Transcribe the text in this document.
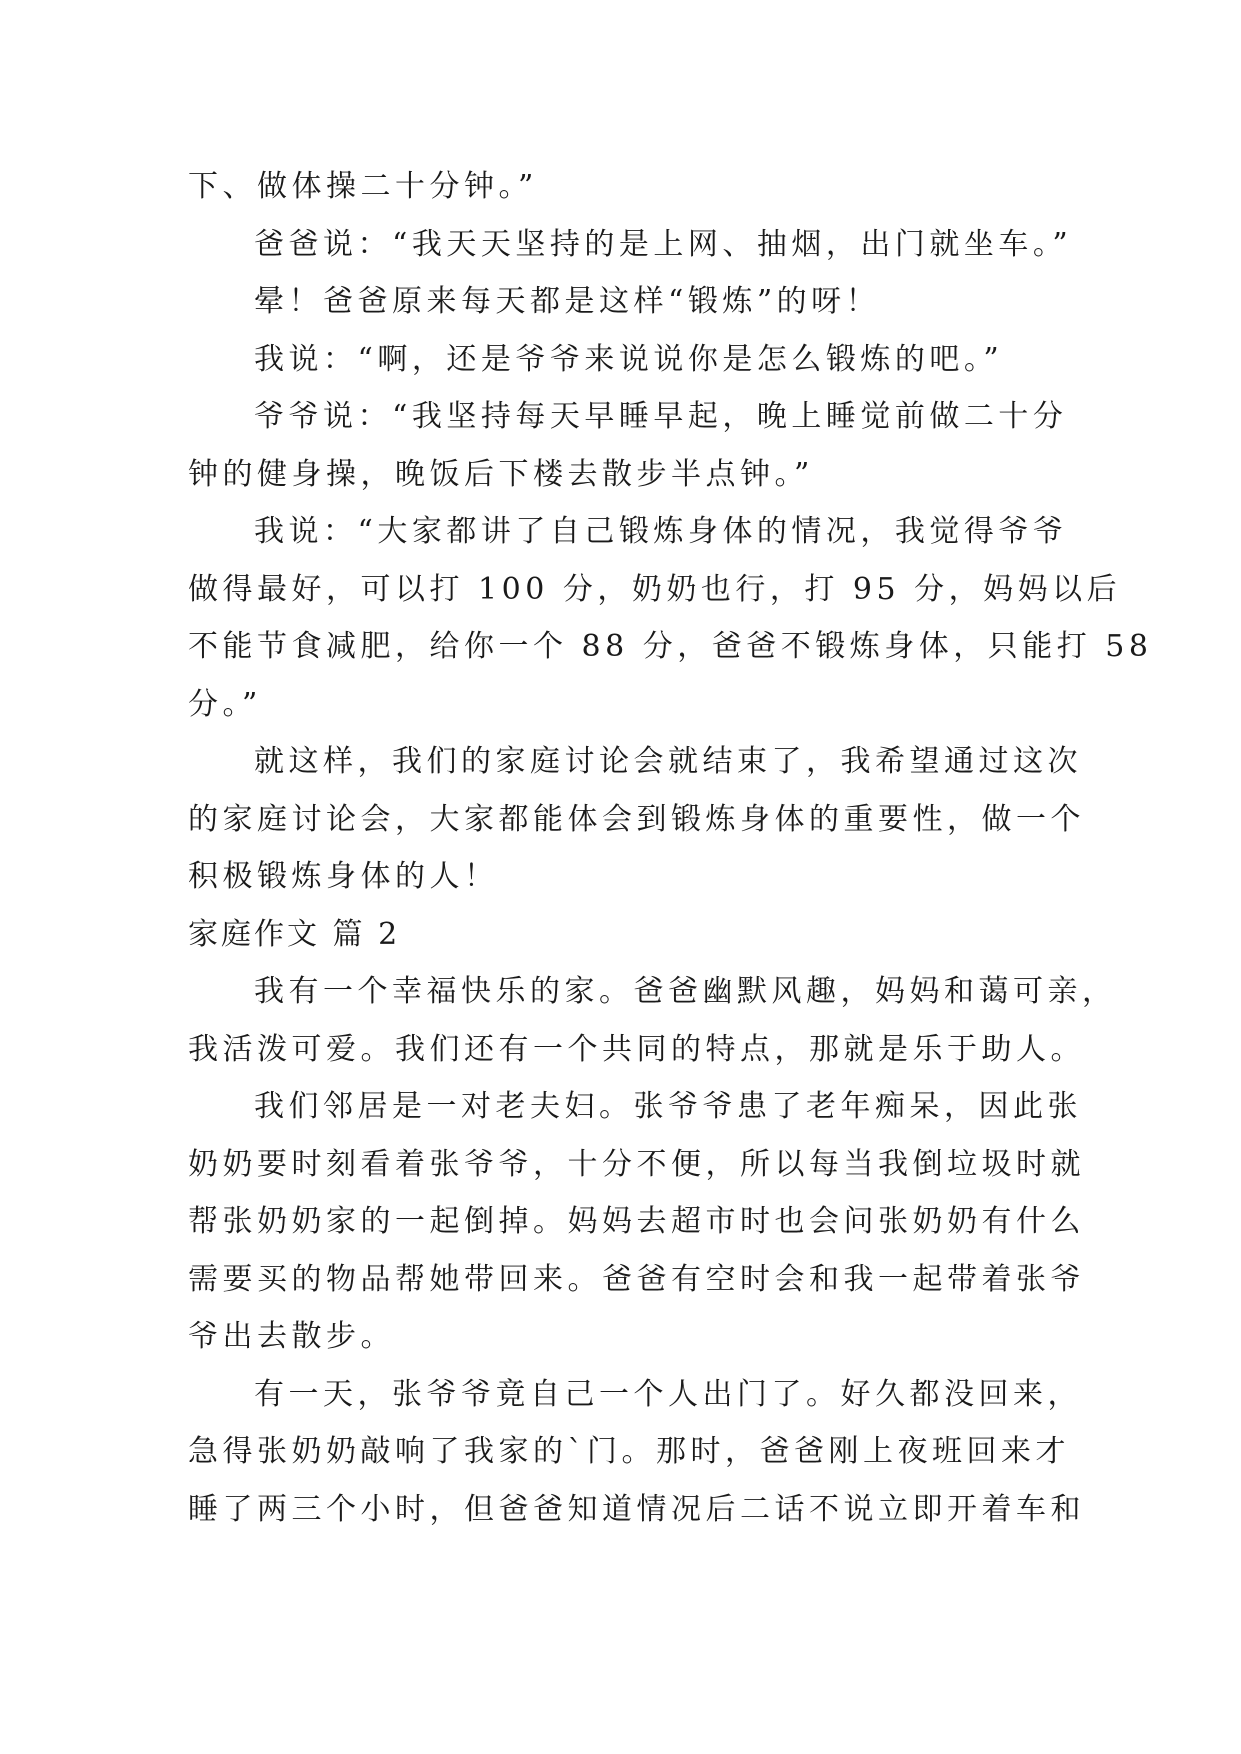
下、做体操二十分钟。”
爸爸说：“我天天坚持的是上网、抽烟，出门就坐车。”
晕！爸爸原来每天都是这样“锻炼”的呀！
我说：“啊，还是爷爷来说说你是怎么锻炼的吧。”
爷爷说：“我坚持每天早睡早起，晚上睡觉前做二十分
钟的健身操，晚饭后下楼去散步半点钟。”
我说：“大家都讲了自己锻炼身体的情况，我觉得爷爷
做得最好，可以打 100 分，奶奶也行，打 95 分，妈妈以后
不能节食减肥，给你一个 88 分，爸爸不锻炼身体，只能打 58
分。”
就这样，我们的家庭讨论会就结束了，我希望通过这次
的家庭讨论会，大家都能体会到锻炼身体的重要性，做一个
积极锻炼身体的人！
家庭作文 篇 2
我有一个幸福快乐的家。爸爸幽默风趣，妈妈和蔼可亲，
我活泼可爱。我们还有一个共同的特点，那就是乐于助人。
我们邻居是一对老夫妇。张爷爷患了老年痴呆，因此张
奶奶要时刻看着张爷爷，十分不便，所以每当我倒垃圾时就
帮张奶奶家的一起倒掉。妈妈去超市时也会问张奶奶有什么
需要买的物品帮她带回来。爸爸有空时会和我一起带着张爷
爷出去散步。
有一天，张爷爷竟自己一个人出门了。好久都没回来，
急得张奶奶敲响了我家的`门。那时，爸爸刚上夜班回来才
睡了两三个小时，但爸爸知道情况后二话不说立即开着车和
